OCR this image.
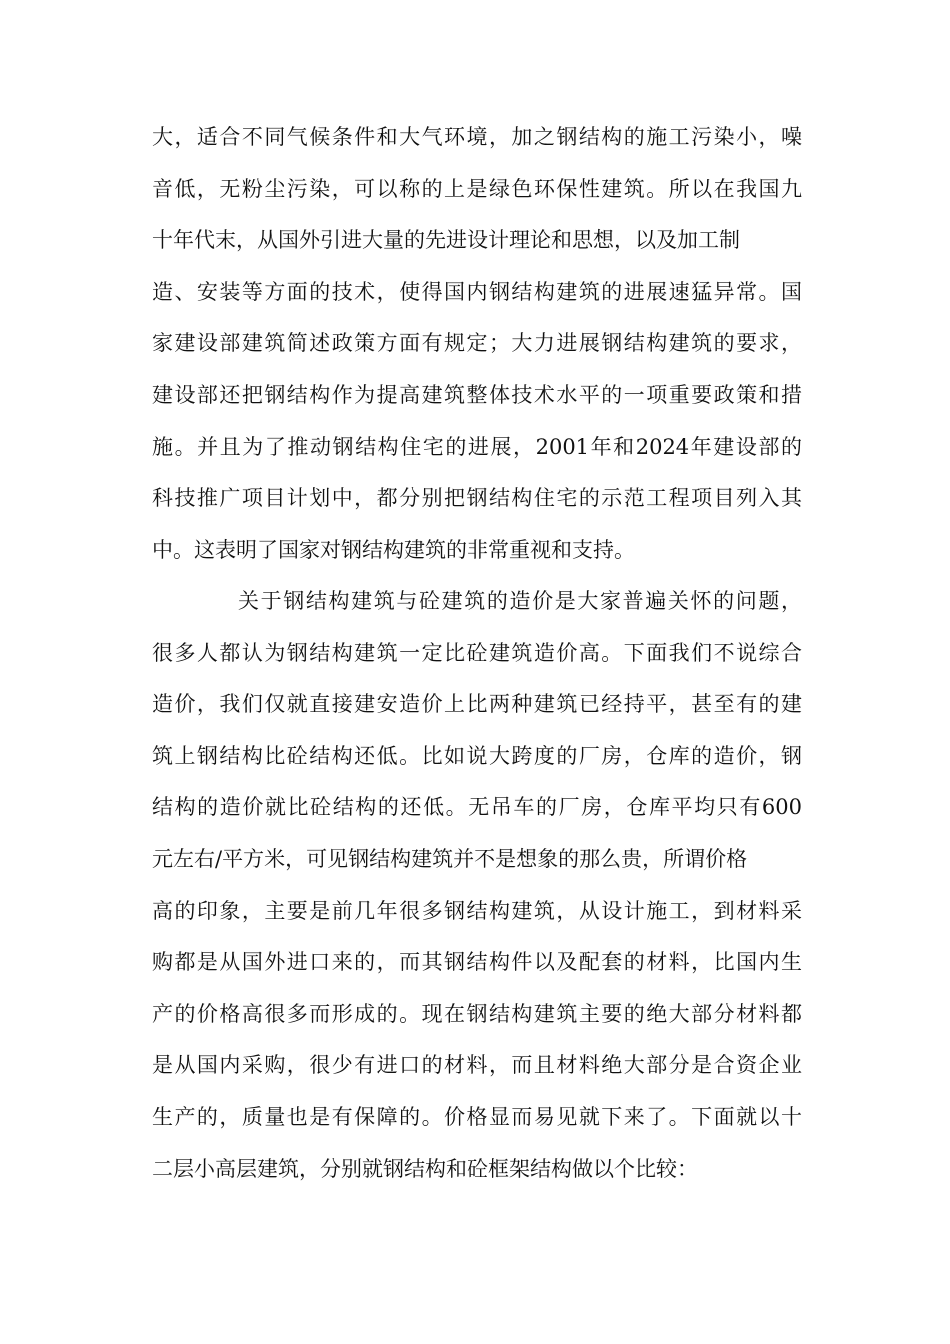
大，适合不同气候条件和大气环境，加之钢结构的施工污染小，噪
音低，无粉尘污染，可以称的上是绿色环保性建筑。所以在我国九
十年代末，从国外引进大量的先进设计理论和思想，以及加工制
造、安装等方面的技术，使得国内钢结构建筑的进展速猛异常。国
家建设部建筑简述政策方面有规定；大力进展钢结构建筑的要求，
建设部还把钢结构作为提高建筑整体技术水平的一项重要政策和措
施。并且为了推动钢结构住宅的进展，2001年和2024年建设部的
科技推广项目计划中，都分别把钢结构住宅的示范工程项目列入其
中。这表明了国家对钢结构建筑的非常重视和支持。
关于钢结构建筑与砼建筑的造价是大家普遍关怀的问题，
很多人都认为钢结构建筑一定比砼建筑造价高。下面我们不说综合
造价，我们仅就直接建安造价上比两种建筑已经持平，甚至有的建
筑上钢结构比砼结构还低。比如说大跨度的厂房，仓库的造价，钢
结构的造价就比砼结构的还低。无吊车的厂房，仓库平均只有600
元左右/平方米，可见钢结构建筑并不是想象的那么贵，所谓价格
高的印象，主要是前几年很多钢结构建筑，从设计施工，到材料采
购都是从国外进口来的，而其钢结构件以及配套的材料，比国内生
产的价格高很多而形成的。现在钢结构建筑主要的绝大部分材料都
是从国内采购，很少有进口的材料，而且材料绝大部分是合资企业
生产的，质量也是有保障的。价格显而易见就下来了。下面就以十
二层小高层建筑，分别就钢结构和砼框架结构做以个比较：
